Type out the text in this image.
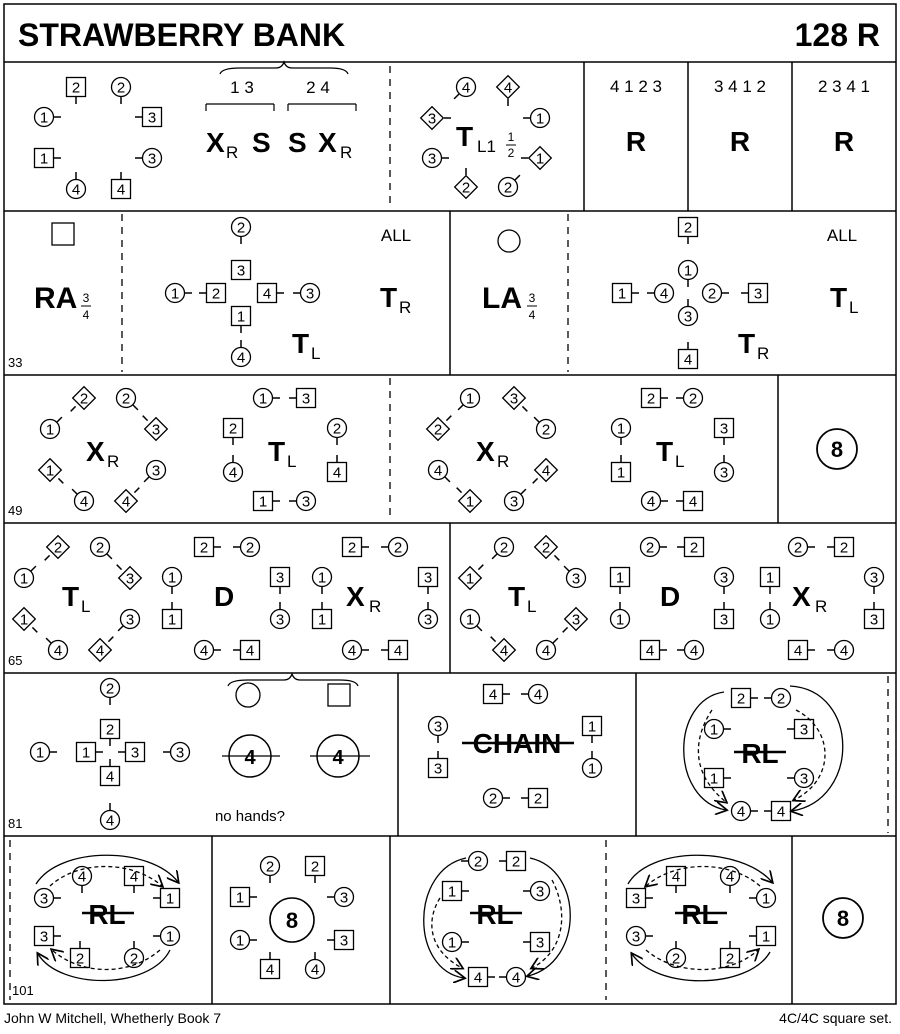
STRAWBERRY BANK	128 R
33
49
65
81
101
2 2
1	3
1	3
4 4
1 3	2 4
X R S S X R
4 4
3	1
3	1
2 2
T L1 1
2
4 1 2 3	3 4 1 2	2 3 4 1
R	R	R
RA 3
4
2
3
1 2	4 3
1
4
ALL
T R
T L
LA 3
4
2
1
1 4	2	3
3
4
ALL
T L
T R
2 2
1	3
1	3
4 4
1 3
2	2
4	4
1 3
1 3
2	2
4	4
1 3
2 2
1	3
1	3
4 4
X	T	X	T
R	L	R	L	8
2 2
1	3
1	3
4 4
2	2
1	3
1	3
4	4
2	2
1	3
1	3
4	4
2 2
1	3
1	3
4 4
2 2
1	3
1	3
4 4
1	3
1	3
2	2
4	4
T	D	X	T	D	X
L	R	L	R
2
2
1	1	3 3
4
4
4 4
3	1
3	1
2 2
2 2
1	3
1	3
4 4
4	4
no hands?
CHAIN	RL
4	4
3	1
3	1
2	2
2 2
1	3
1	3
4 4
2 2
1	3
1	3
4 4
3	1
3	1
4	4
2	2
RL	8	RL	RL	8
John W Mitchell, Whetherly Book 7	4C/4C square set.
